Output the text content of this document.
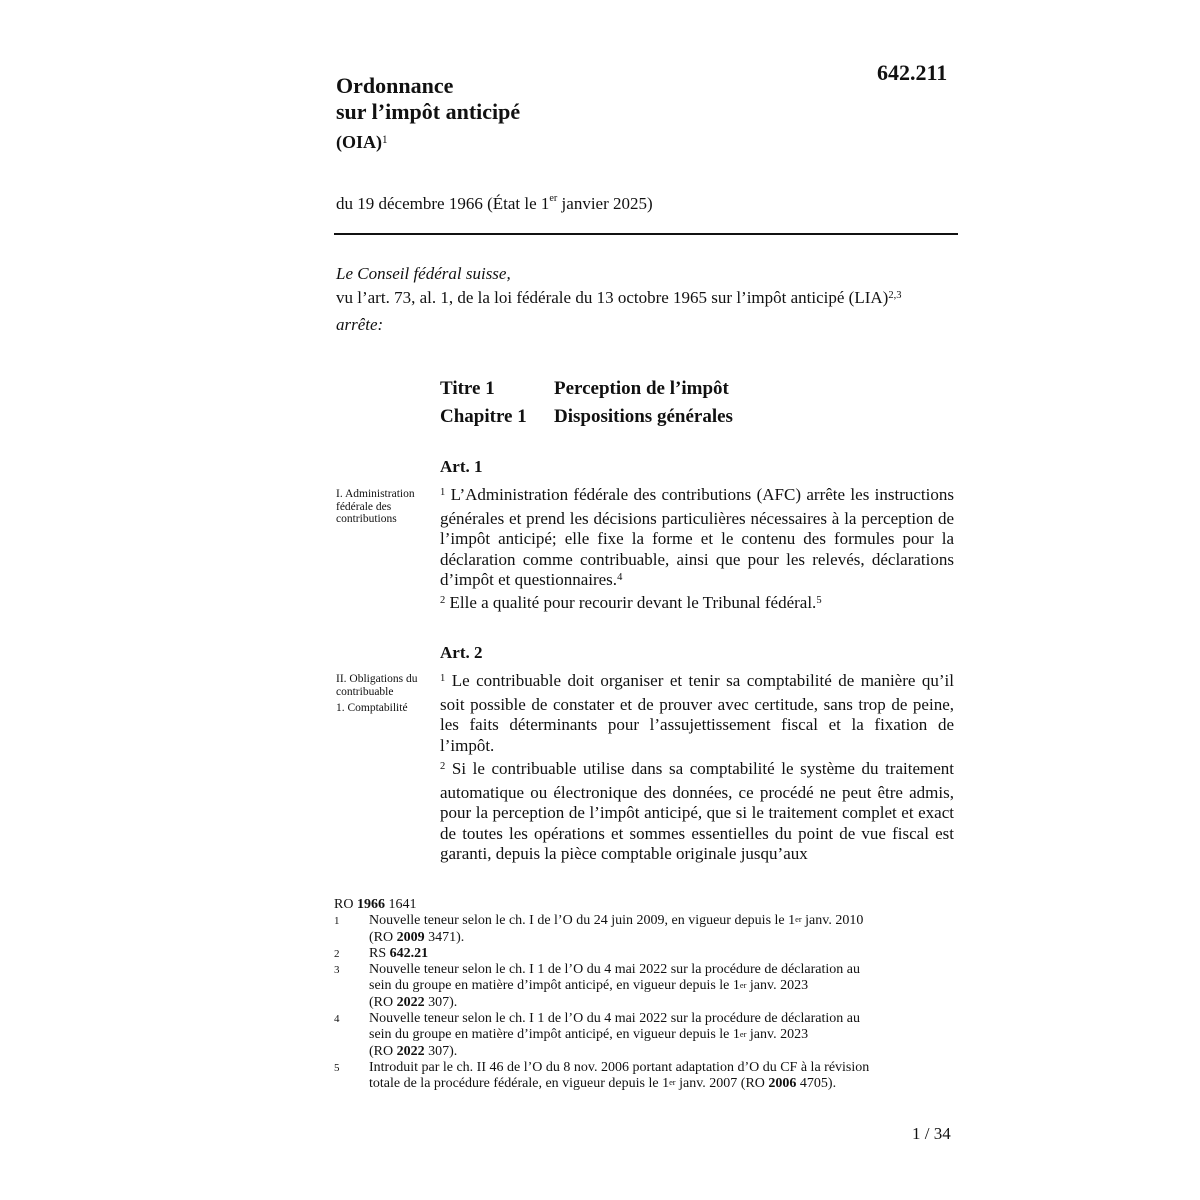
642.211
Ordonnance
sur l’impôt anticipé
(OIA)$^1$
du 19 décembre 1966 (État le 1er janvier 2025)
Le Conseil fédéral suisse,
vu l’art. 73, al. 1, de la loi fédérale du 13 octobre 1965 sur l’impôt anticipé (LIA)$^{2,3}$
arrête:
Titre 1	Perception de l’impôt
Chapitre 1 Dispositions générales
Art. 1
I. Administration fédérale des contributions
$^1$ L’Administration fédérale des contributions (AFC) arrête les instructions générales et prend les décisions particulières nécessaires à la perception de l’impôt anticipé; elle fixe la forme et le contenu des formules pour la déclaration comme contribuable, ainsi que pour les relevés, déclarations d’impôt et questionnaires.$^4$
$^2$ Elle a qualité pour recourir devant le Tribunal fédéral.$^5$
Art. 2
II. Obligations du contribuable
1. Comptabilité
$^1$ Le contribuable doit organiser et tenir sa comptabilité de manière qu’il soit possible de constater et de prouver avec certitude, sans trop de peine, les faits déterminants pour l’assujettissement fiscal et la fixation de l’impôt.
$^2$ Si le contribuable utilise dans sa comptabilité le système du traitement automatique ou électronique des données, ce procédé ne peut être admis, pour la perception de l’impôt anticipé, que si le traitement complet et exact de toutes les opérations et sommes essentielles du point de vue fiscal est garanti, depuis la pièce comptable originale jusqu’aux
RO 1966 1641
1	Nouvelle teneur selon le ch. I de l’O du 24 juin 2009, en vigueur depuis le 1er janv. 2010
(RO 2009 3471).
2	RS 642.21
3	Nouvelle teneur selon le ch. I 1 de l’O du 4 mai 2022 sur la procédure de déclaration au
sein du groupe en matière d’impôt anticipé, en vigueur depuis le 1er janv. 2023
(RO 2022 307).
4	Nouvelle teneur selon le ch. I 1 de l’O du 4 mai 2022 sur la procédure de déclaration au
sein du groupe en matière d’impôt anticipé, en vigueur depuis le 1er janv. 2023
(RO 2022 307).
5	Introduit par le ch. II 46 de l’O du 8 nov. 2006 portant adaptation d’O du CF à la révision
totale de la procédure fédérale, en vigueur depuis le 1er janv. 2007 (RO 2006 4705).
1 / 34
